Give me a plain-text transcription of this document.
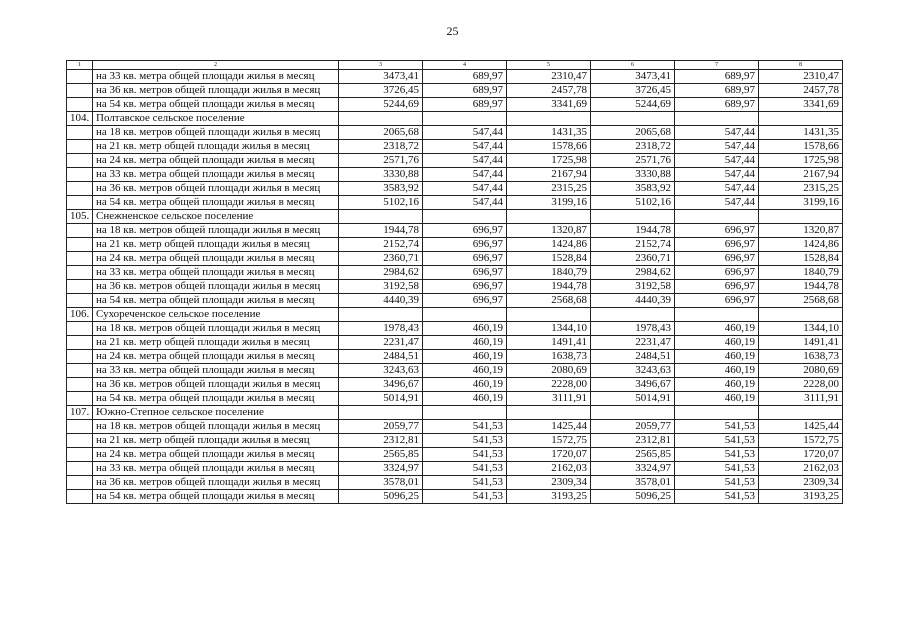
25
1	2	3	4	5	6	7	8
	на 33 кв. метра общей площади жилья в месяц	3473,41	689,97	2310,47	3473,41	689,97	2310,47
	на 36 кв. метров общей площади жилья в месяц	3726,45	689,97	2457,78	3726,45	689,97	2457,78
	на 54 кв. метра общей площади жилья в месяц	5244,69	689,97	3341,69	5244,69	689,97	3341,69
104.	Полтавское сельское поселение						
	на 18 кв. метров общей площади жилья в месяц	2065,68	547,44	1431,35	2065,68	547,44	1431,35
	на 21 кв. метр общей площади жилья в месяц	2318,72	547,44	1578,66	2318,72	547,44	1578,66
	на 24 кв. метра общей площади жилья в месяц	2571,76	547,44	1725,98	2571,76	547,44	1725,98
	на 33 кв. метра общей площади жилья в месяц	3330,88	547,44	2167,94	3330,88	547,44	2167,94
	на 36 кв. метров общей площади жилья в месяц	3583,92	547,44	2315,25	3583,92	547,44	2315,25
	на 54 кв. метра общей площади жилья в месяц	5102,16	547,44	3199,16	5102,16	547,44	3199,16
105.	Снежненское сельское поселение						
	на 18 кв. метров общей площади жилья в месяц	1944,78	696,97	1320,87	1944,78	696,97	1320,87
	на 21 кв. метр общей площади жилья в месяц	2152,74	696,97	1424,86	2152,74	696,97	1424,86
	на 24 кв. метра общей площади жилья в месяц	2360,71	696,97	1528,84	2360,71	696,97	1528,84
	на 33 кв. метра общей площади жилья в месяц	2984,62	696,97	1840,79	2984,62	696,97	1840,79
	на 36 кв. метров общей площади жилья в месяц	3192,58	696,97	1944,78	3192,58	696,97	1944,78
	на 54 кв. метра общей площади жилья в месяц	4440,39	696,97	2568,68	4440,39	696,97	2568,68
106.	Сухореченское сельское поселение						
	на 18 кв. метров общей площади жилья в месяц	1978,43	460,19	1344,10	1978,43	460,19	1344,10
	на 21 кв. метр общей площади жилья в месяц	2231,47	460,19	1491,41	2231,47	460,19	1491,41
	на 24 кв. метра общей площади жилья в месяц	2484,51	460,19	1638,73	2484,51	460,19	1638,73
	на 33 кв. метра общей площади жилья в месяц	3243,63	460,19	2080,69	3243,63	460,19	2080,69
	на 36 кв. метров общей площади жилья в месяц	3496,67	460,19	2228,00	3496,67	460,19	2228,00
	на 54 кв. метра общей площади жилья в месяц	5014,91	460,19	3111,91	5014,91	460,19	3111,91
107.	Южно-Степное сельское поселение						
	на 18 кв. метров общей площади жилья в месяц	2059,77	541,53	1425,44	2059,77	541,53	1425,44
	на 21 кв. метр общей площади жилья в месяц	2312,81	541,53	1572,75	2312,81	541,53	1572,75
	на 24 кв. метра общей площади жилья в месяц	2565,85	541,53	1720,07	2565,85	541,53	1720,07
	на 33 кв. метра общей площади жилья в месяц	3324,97	541,53	2162,03	3324,97	541,53	2162,03
	на 36 кв. метров общей площади жилья в месяц	3578,01	541,53	2309,34	3578,01	541,53	2309,34
	на 54 кв. метра общей площади жилья в месяц	5096,25	541,53	3193,25	5096,25	541,53	3193,25
